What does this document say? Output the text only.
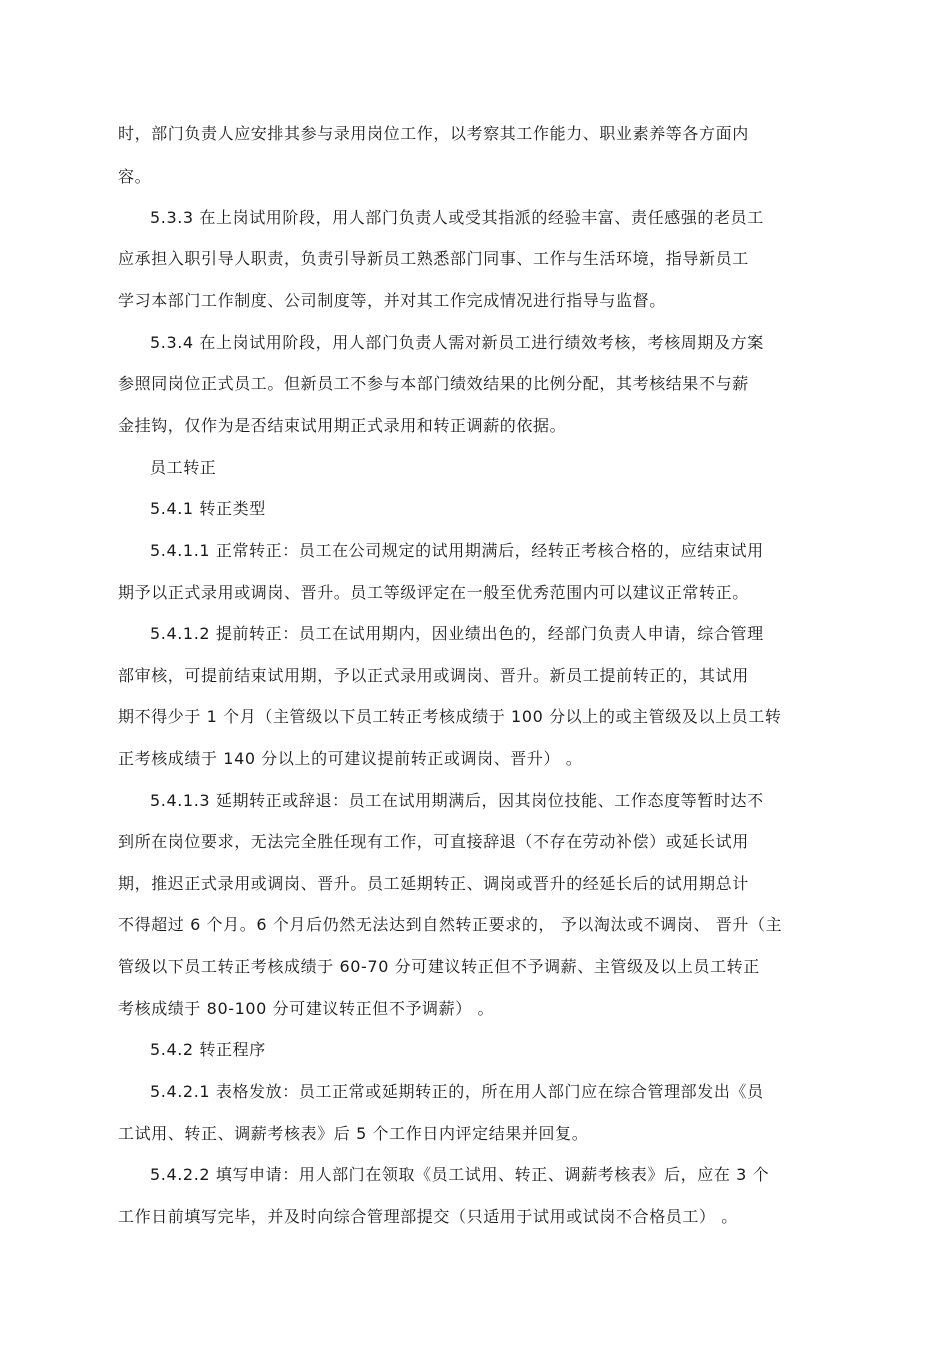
时，部门负责人应安排其参与录用岗位工作，以考察其工作能力、职业素养等各方面内
容。
5.3.3 在上岗试用阶段，用人部门负责人或受其指派的经验丰富、责任感强的老员工
应承担入职引导人职责，负责引导新员工熟悉部门同事、工作与生活环境，指导新员工
学习本部门工作制度、公司制度等，并对其工作完成情况进行指导与监督。
5.3.4 在上岗试用阶段，用人部门负责人需对新员工进行绩效考核，考核周期及方案
参照同岗位正式员工。但新员工不参与本部门绩效结果的比例分配，其考核结果不与薪
金挂钩，仅作为是否结束试用期正式录用和转正调薪的依据。
员工转正
5.4.1 转正类型
5.4.1.1 正常转正：员工在公司规定的试用期满后，经转正考核合格的，应结束试用
期予以正式录用或调岗、晋升。员工等级评定在一般至优秀范围内可以建议正常转正。
5.4.1.2 提前转正：员工在试用期内，因业绩出色的，经部门负责人申请，综合管理
部审核，可提前结束试用期，予以正式录用或调岗、晋升。新员工提前转正的，其试用
期不得少于 1 个月（主管级以下员工转正考核成绩于 100 分以上的或主管级及以上员工转
正考核成绩于 140 分以上的可建议提前转正或调岗、晋升） 。
5.4.1.3 延期转正或辞退：员工在试用期满后，因其岗位技能、工作态度等暂时达不
到所在岗位要求，无法完全胜任现有工作，可直接辞退（不存在劳动补偿）或延长试用
期，推迟正式录用或调岗、晋升。员工延期转正、调岗或晋升的经延长后的试用期总计
不得超过 6 个月。6 个月后仍然无法达到自然转正要求的， 予以淘汰或不调岗、 晋升（主
管级以下员工转正考核成绩于 60-70 分可建议转正但不予调薪、主管级及以上员工转正
考核成绩于 80-100 分可建议转正但不予调薪） 。
5.4.2 转正程序
5.4.2.1 表格发放：员工正常或延期转正的，所在用人部门应在综合管理部发出《员
工试用、转正、调薪考核表》后 5 个工作日内评定结果并回复。
5.4.2.2 填写申请：用人部门在领取《员工试用、转正、调薪考核表》后，应在 3 个
工作日前填写完毕，并及时向综合管理部提交（只适用于试用或试岗不合格员工） 。
